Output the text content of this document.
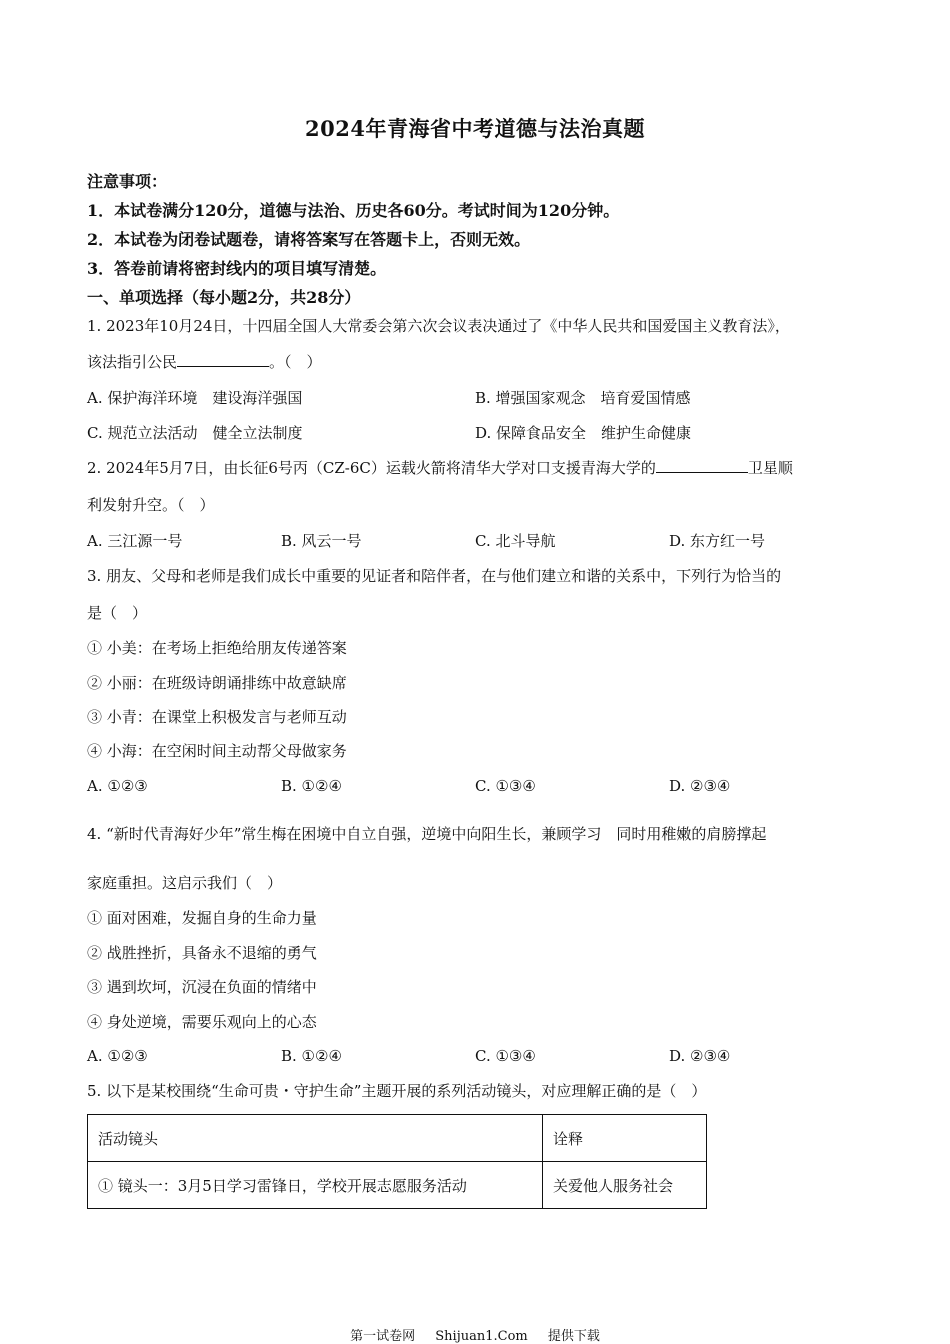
2024年青海省中考道德与法治真题
注意事项：
1．本试卷满分120分，道德与法治、历史各60分。考试时间为120分钟。
2．本试卷为闭卷试题卷，请将答案写在答题卡上，否则无效。
3．答卷前请将密封线内的项目填写清楚。
一、单项选择（每小题2分，共28分）
1. 2023年10月24日，十四届全国人大常委会第六次会议表决通过了《中华人民共和国爱国主义教育法》，
该法指引公民	。（　）
A. 保护海洋环境　建设海洋强国	B. 增强国家观念　培育爱国情感
C. 规范立法活动　健全立法制度	D. 保障食品安全　维护生命健康
2. 2024年5月7日，由长征6号丙（CZ-6C）运载火箭将清华大学对口支援青海大学的	卫星顺
利发射升空。（　）
A. 三江源一号	B. 风云一号	C. 北斗导航	D. 东方红一号
3. 朋友、父母和老师是我们成长中重要的见证者和陪伴者，在与他们建立和谐的关系中，下列行为恰当的
是（　）
① 小美：在考场上拒绝给朋友传递答案
② 小丽：在班级诗朗诵排练中故意缺席
③ 小青：在课堂上积极发言与老师互动
④ 小海：在空闲时间主动帮父母做家务
A. ①②③	B. ①②④	C. ①③④	D. ②③④
4. “新时代青海好少年”常生梅在困境中自立自强，逆境中向阳生长，兼顾学习　同时用稚嫩的肩膀撑起
家庭重担。这启示我们（　）
① 面对困难，发掘自身的生命力量
② 战胜挫折，具备永不退缩的勇气
③ 遇到坎坷，沉浸在负面的情绪中
④ 身处逆境，需要乐观向上的心态
A. ①②③	B. ①②④	C. ①③④	D. ②③④
5. 以下是某校围绕“生命可贵・守护生命”主题开展的系列活动镜头，对应理解正确的是（　）
活动镜头	诠释
① 镜头一：3月5日学习雷锋日，学校开展志愿服务活动	关爱他人服务社会
第一试卷网 Shijuan1.Com 提供下载
